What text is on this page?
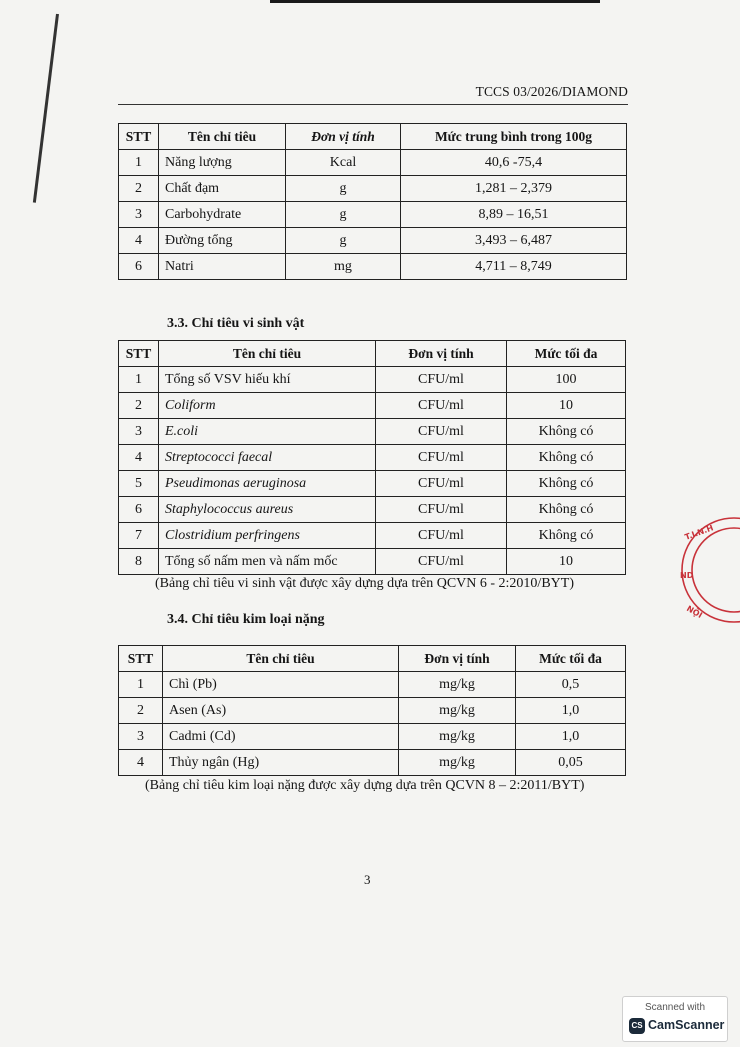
TCCS 03/2026/DIAMOND
STT	Tên chỉ tiêu	Đơn vị tính	Mức trung bình trong 100g
1	Năng lượng	Kcal	40,6 -75,4
2	Chất đạm	g	1,281 – 2,379
3	Carbohydrate	g	8,89 – 16,51
4	Đường tổng	g	3,493 – 6,487
6	Natri	mg	4,711 – 8,749
3.3. Chỉ tiêu vi sinh vật
STT	Tên chỉ tiêu	Đơn vị tính	Mức tối đa
1	Tổng số VSV hiếu khí	CFU/ml	100
2	Coliform	CFU/ml	10
3	E.coli	CFU/ml	Không có
4	Streptococci faecal	CFU/ml	Không có
5	Pseudimonas aeruginosa	CFU/ml	Không có
6	Staphylococcus aureus	CFU/ml	Không có
7	Clostridium perfringens	CFU/ml	Không có
8	Tổng số nấm men và nấm mốc	CFU/ml	10
(Bảng chỉ tiêu vi sinh vật được xây dựng dựa trên QCVN 6 - 2:2010/BYT)
3.4. Chỉ tiêu kim loại nặng
STT	Tên chỉ tiêu	Đơn vị tính	Mức tối đa
1	Chì (Pb)	mg/kg	0,5
2	Asen (As)	mg/kg	1,0
3	Cadmi (Cd)	mg/kg	1,0
4	Thủy ngân (Hg)	mg/kg	0,05
(Bảng chỉ tiêu kim loại nặng được xây dựng dựa trên QCVN 8 – 2:2011/BYT)
3
T.I.N.H
ND
NỘI
Scanned with
CS CamScanner
